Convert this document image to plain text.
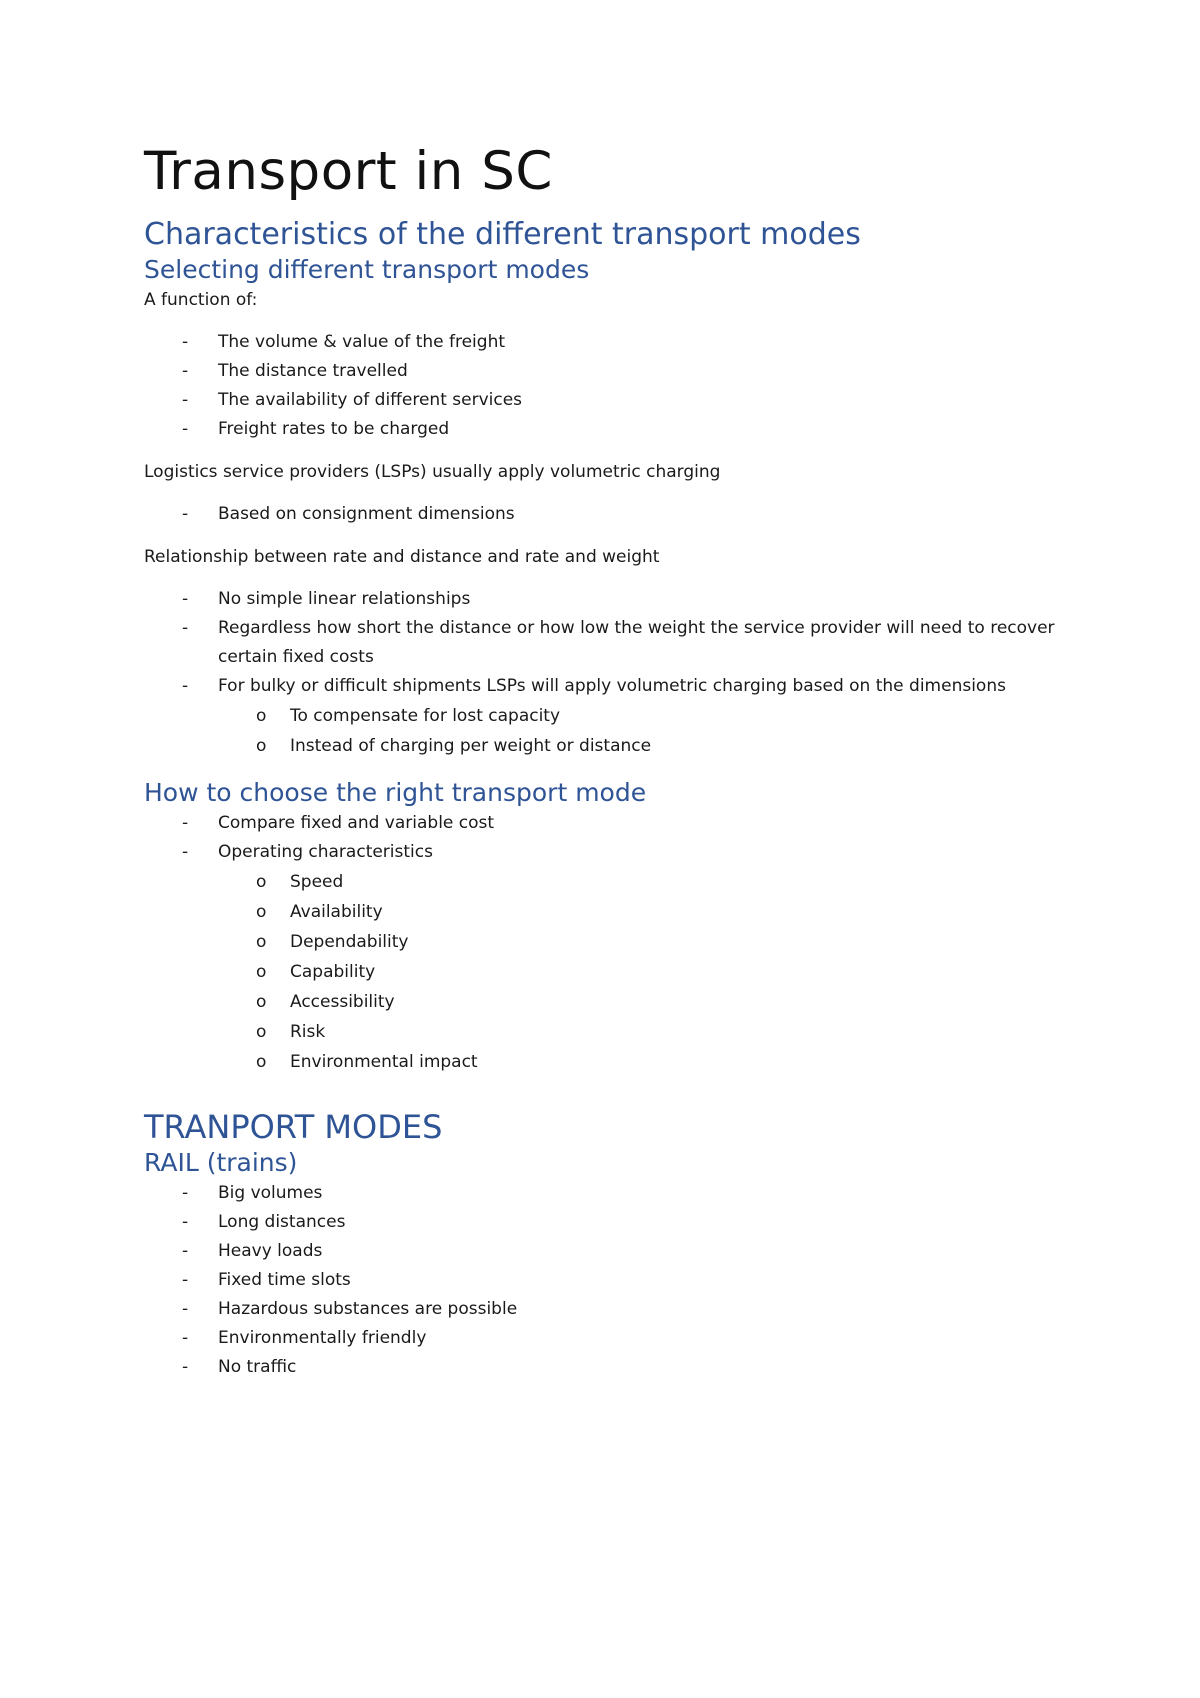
Transport in SC
Characteristics of the different transport modes
Selecting different transport modes
A function of:
- The volume & value of the freight
- The distance travelled
- The availability of different services
- Freight rates to be charged
Logistics service providers (LSPs) usually apply volumetric charging
- Based on consignment dimensions
Relationship between rate and distance and rate and weight
- No simple linear relationships
- Regardless how short the distance or how low the weight the service provider will need to recover certain fixed costs
- For bulky or difficult shipments LSPs will apply volumetric charging based on the dimensions
o To compensate for lost capacity
o Instead of charging per weight or distance
How to choose the right transport mode
- Compare fixed and variable cost
- Operating characteristics
o Speed
o Availability
o Dependability
o Capability
o Accessibility
o Risk
o Environmental impact
TRANPORT MODES
RAIL (trains)
- Big volumes
- Long distances
- Heavy loads
- Fixed time slots
- Hazardous substances are possible
- Environmentally friendly
- No traffic
